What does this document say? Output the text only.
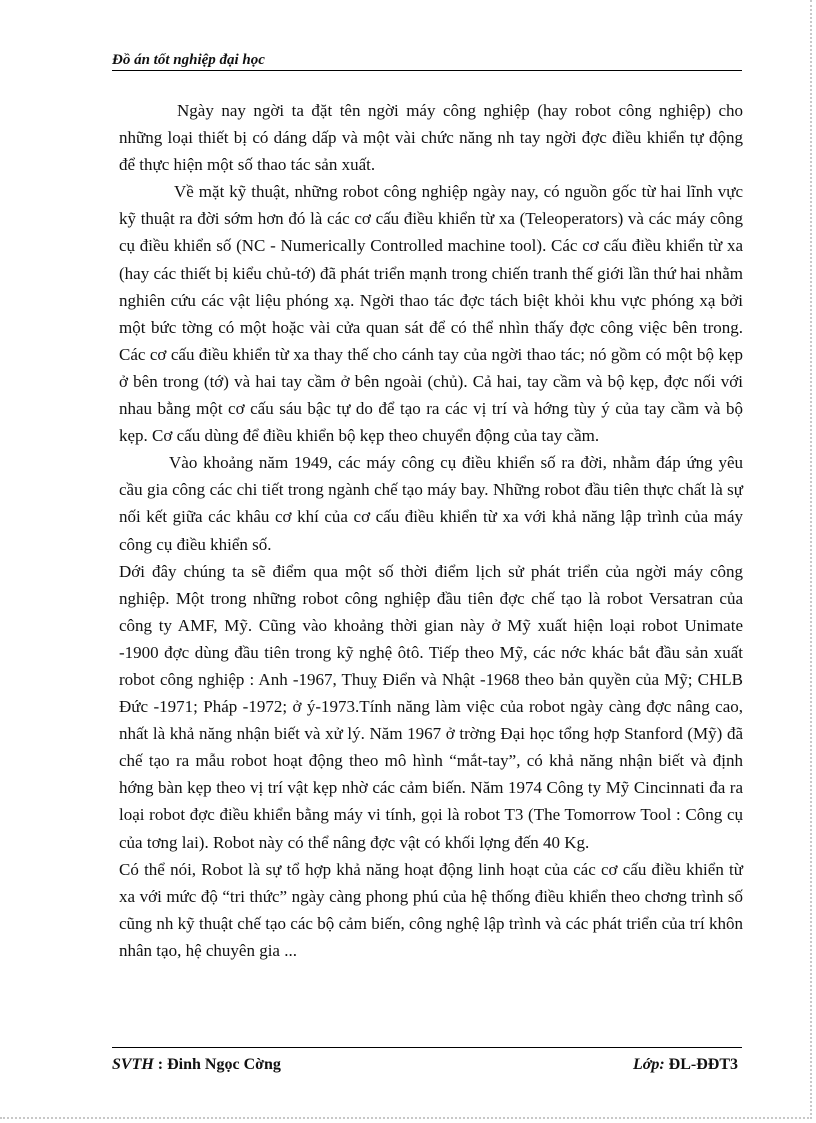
Đồ án tốt nghiệp đại học

Ngày nay ngời ta đặt tên ngời máy công nghiệp (hay robot công nghiệp) cho những loại thiết bị có dáng dấp và một vài chức năng nh tay ngời đợc điều khiển tự động để thực hiện một số thao tác sản xuất.

Về mặt kỹ thuật, những robot công nghiệp ngày nay, có nguồn gốc từ hai lĩnh vực kỹ thuật ra đời sớm hơn đó là các cơ cấu điều khiển từ xa (Teleoperators) và các máy công cụ điều khiển số (NC - Numerically Controlled machine tool). Các cơ cấu điều khiển từ xa (hay các thiết bị kiểu chủ-tớ) đã phát triển mạnh trong chiến tranh thế giới lần thứ hai nhằm nghiên cứu các vật liệu phóng xạ. Ngời thao tác đợc tách biệt khỏi khu vực phóng xạ bởi một bức tờng có một hoặc vài cửa quan sát để có thể nhìn thấy đợc công việc bên trong. Các cơ cấu điều khiển từ xa thay thế cho cánh tay của ngời thao tác; nó gồm có một bộ kẹp ở bên trong (tớ) và hai tay cầm ở bên ngoài (chủ). Cả hai, tay cầm và bộ kẹp, đợc nối với nhau bằng một cơ cấu sáu bậc tự do để tạo ra các vị trí và hớng tùy ý của tay cầm và bộ kẹp. Cơ cấu dùng để điều khiển bộ kẹp theo chuyển động của tay cầm.

Vào khoảng năm 1949, các máy công cụ điều khiển số ra đời, nhằm đáp ứng yêu cầu gia công các chi tiết trong ngành chế tạo máy bay. Những robot đầu tiên thực chất là sự nối kết giữa các khâu cơ khí của cơ cấu điều khiển từ xa với khả năng lập trình của máy công cụ điều khiển số.

Dới đây chúng ta sẽ điểm qua một số thời điểm lịch sử phát triển của ngời máy công nghiệp. Một trong những robot công nghiệp đầu tiên đợc chế tạo là robot Versatran của công ty AMF, Mỹ. Cũng vào khoảng thời gian này ở Mỹ xuất hiện loại robot Unimate -1900 đợc dùng đầu tiên trong kỹ nghệ ôtô. Tiếp theo Mỹ, các nớc khác bắt đầu sản xuất robot công nghiệp : Anh -1967, Thuỵ Điển và Nhật -1968 theo bản quyền của Mỹ; CHLB Đức -1971; Pháp -1972; ở ý-1973.Tính năng làm việc của robot ngày càng đợc nâng cao, nhất là khả năng nhận biết và xử lý. Năm 1967 ở trờng Đại học tổng hợp Stanford (Mỹ) đã chế tạo ra mẫu robot hoạt động theo mô hình “mắt-tay”, có khả năng nhận biết và định hớng bàn kẹp theo vị trí vật kẹp nhờ các cảm biến. Năm 1974 Công ty Mỹ Cincinnati đa ra loại robot đợc điều khiển bằng máy vi tính, gọi là robot T3 (The Tomorrow Tool : Công cụ của tơng lai). Robot này có thể nâng đợc vật có khối lợng đến 40 Kg.

Có thể nói, Robot là sự tổ hợp khả năng hoạt động linh hoạt của các cơ cấu điều khiển từ xa với mức độ “tri thức” ngày càng phong phú của hệ thống điều khiển theo chơng trình số cũng nh kỹ thuật chế tạo các bộ cảm biến, công nghệ lập trình và các phát triển của trí khôn nhân tạo, hệ chuyên gia ...

SVTH : Đinh Ngọc Cờng	Lớp: ĐL-ĐĐT3
